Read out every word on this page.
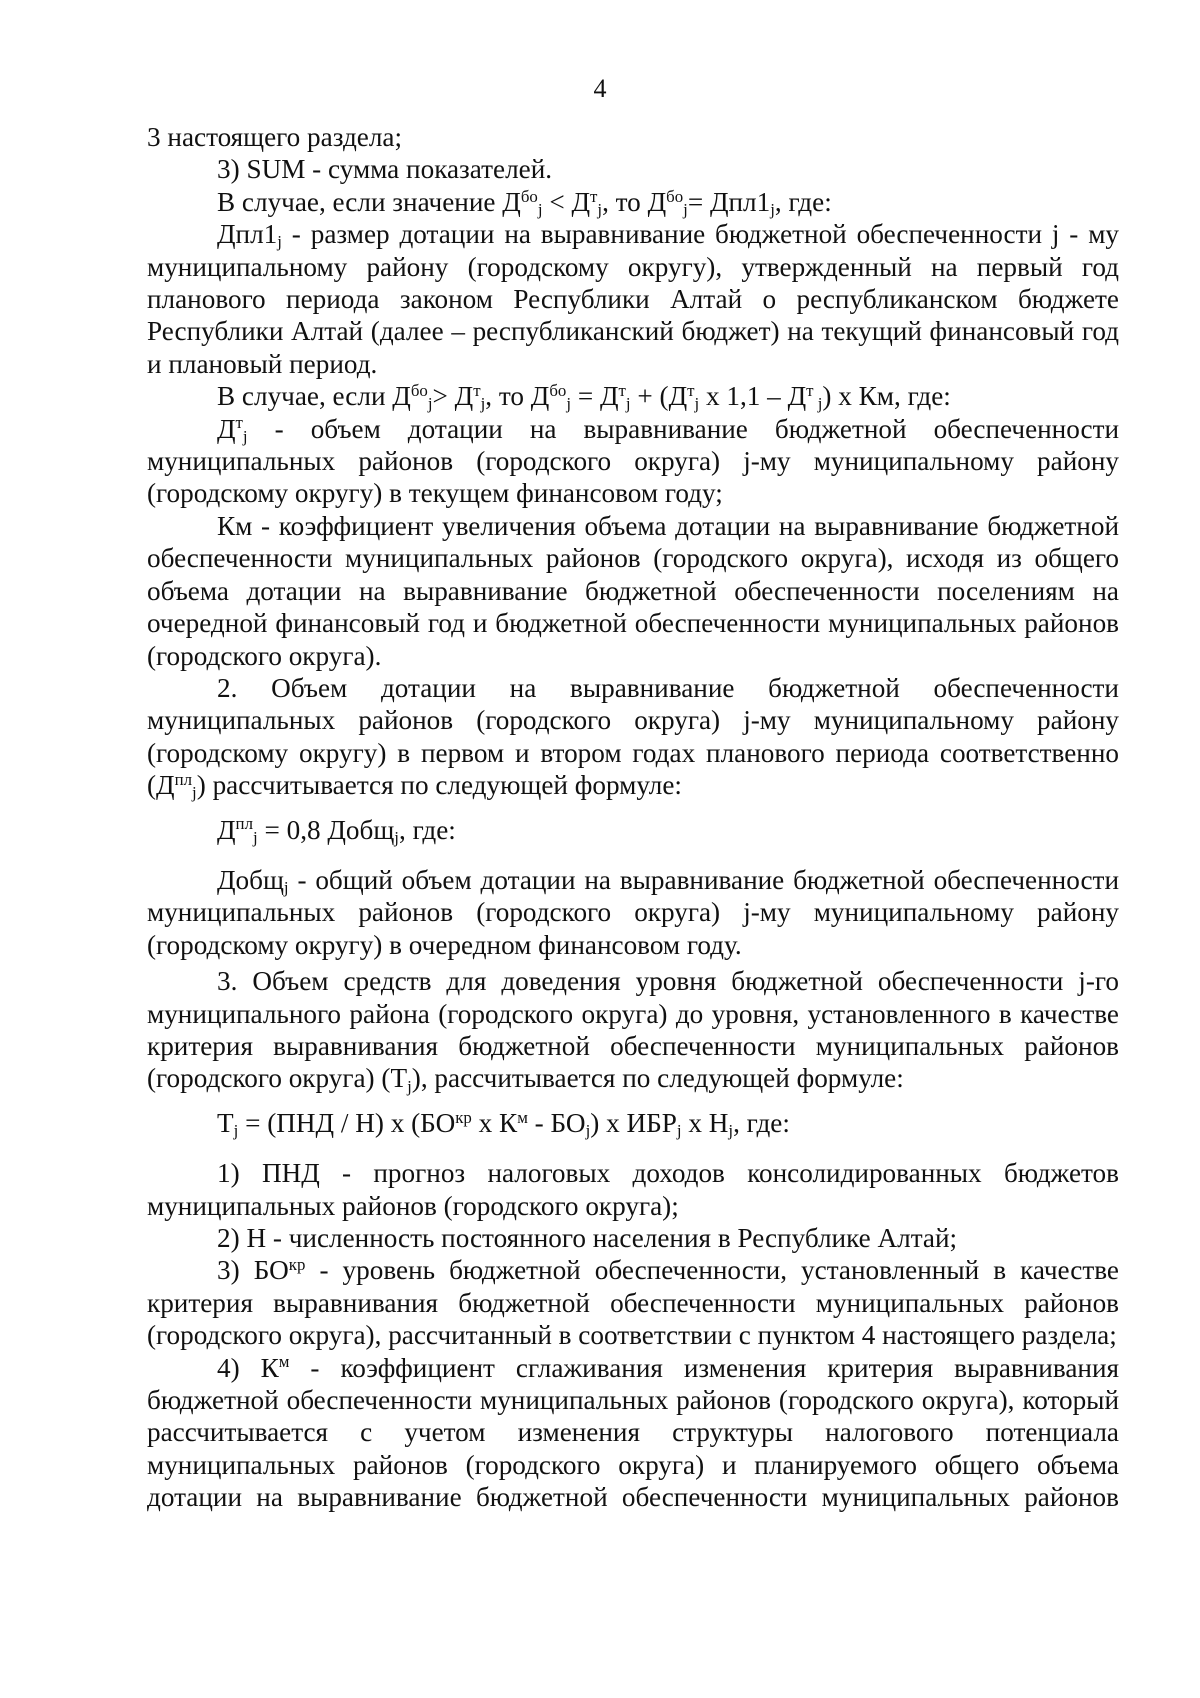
4

3 настоящего раздела;

3) SUM - сумма показателей.

В случае, если значение $Д^{бо}_j < Д^т_j$, то $Д^{бо}_j= Дпл1_j$, где:

$Дпл1_j$ - размер дотации на выравнивание бюджетной обеспеченности j - му муниципальному району (городскому округу), утвержденный на первый год планового периода законом Республики Алтай о республиканском бюджете Республики Алтай (далее – республиканский бюджет) на текущий финансовый год и плановый период.

В случае, если $Д^{бо}_j> Д^т_j$, то $Д^{бо}_j = Д^т_j + (Д^т_j$ х $1,1 - Д^т$ $_j$) х Км, где:

$Д^т_j$ - объем дотации на выравнивание бюджетной обеспеченности муниципальных районов (городского округа) j-му муниципальному району (городскому округу) в текущем финансовом году;

Км - коэффициент увеличения объема дотации на выравнивание бюджетной обеспеченности муниципальных районов (городского округа), исходя из общего объема дотации на выравнивание бюджетной обеспеченности поселениям на очередной финансовый год и бюджетной обеспеченности муниципальных районов (городского округа).

2. Объем дотации на выравнивание бюджетной обеспеченности муниципальных районов (городского округа) j-му муниципальному району (городскому округу) в первом и втором годах планового периода соответственно $(Д^{пл}_j)$ рассчитывается по следующей формуле:

$Д^{пл}_j = 0,8$ Добщ$_j$, где:

Добщ$_j$ - общий объем дотации на выравнивание бюджетной обеспеченности муниципальных районов (городского округа) j-му муниципальному району (городскому округу) в очередном финансовом году.

3. Объем средств для доведения уровня бюджетной обеспеченности j-го муниципального района (городского округа) до уровня, установленного в качестве критерия выравнивания бюджетной обеспеченности муниципальных районов (городского округа) $(Т_j)$, рассчитывается по следующей формуле:

$Т_j = (ПНД / Н)$ х ($БО^{кр}$ х $К^м - БО_j$) х $ИБР_j$ х $Н_j$, где:

1) ПНД - прогноз налоговых доходов консолидированных бюджетов муниципальных районов (городского округа);

2) Н - численность постоянного населения в Республике Алтай;

3) $БО^{кр}$ - уровень бюджетной обеспеченности, установленный в качестве критерия выравнивания бюджетной обеспеченности муниципальных районов (городского округа), рассчитанный в соответствии с пунктом 4 настоящего раздела;

4) $К^м$ - коэффициент сглаживания изменения критерия выравнивания бюджетной обеспеченности муниципальных районов (городского округа), который рассчитывается с учетом изменения структуры налогового потенциала муниципальных районов (городского округа) и планируемого общего объема дотации на выравнивание бюджетной обеспеченности муниципальных районов
